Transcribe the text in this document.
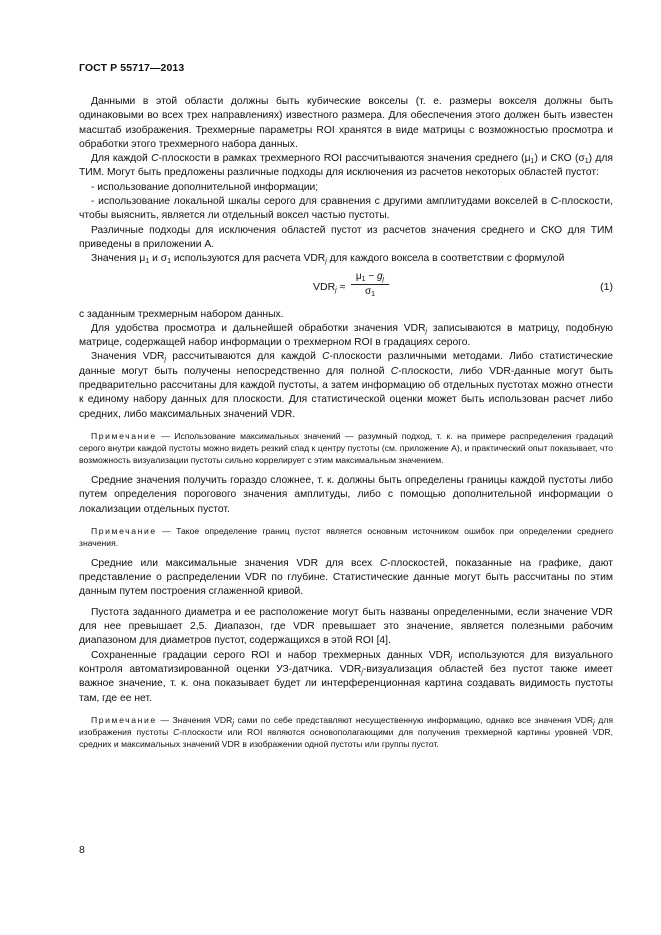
ГОСТ Р 55717—2013

Данными в этой области должны быть кубические вокселы (т. е. размеры вокселя должны быть одинаковыми во всех трех направлениях) известного размера. Для обеспечения этого должен быть известен масштаб изображения. Трехмерные параметры ROI хранятся в виде матрицы с возможностью просмотра и обработки этого трехмерного набора данных.

Для каждой C-плоскости в рамках трехмерного ROI рассчитываются значения среднего $(\mu_1)$ и СКО $(\sigma_1)$ для ТИМ. Могут быть предложены различные подходы для исключения из расчетов некоторых областей пустот:

- использование дополнительной информации;

- использование локальной шкалы серого для сравнения с другими амплитудами вокселей в С-плоскости, чтобы выяснить, является ли отдельный воксел частью пустоты.

Различные подходы для исключения областей пустот из расчетов значения среднего и СКО для ТИМ приведены в приложении А.

Значения $\mu_1$ и $\sigma_1$ используются для расчета $VDR_j$ для каждого воксела в соответствии с формулой

$VDR_j \approx \frac{\mu_1 - g_j}{\sigma_1}$	(1)

с заданным трехмерным набором данных.

Для удобства просмотра и дальнейшей обработки значения $VDR_j$ записываются в матрицу, подобную матрице, содержащей набор информации о трехмерном ROI в градациях серого.

Значения $VDR_j$ рассчитываются для каждой C-плоскости различными методами. Либо статистические данные могут быть получены непосредственно для полной C-плоскости, либо VDR-данные могут быть предварительно рассчитаны для каждой пустоты, а затем информацию об отдельных пустотах можно отнести к единому набору данных для плоскости. Для статистической оценки может быть использован расчет либо средних, либо максимальных значений VDR.

Примечание — Использование максимальных значений — разумный подход, т. к. на примере распределения градаций серого внутри каждой пустоты можно видеть резкий спад к центру пустоты (см. приложение А), и практический опыт показывает, что возможность визуализации пустоты сильно коррелирует с этим максимальным значением.

Средние значения получить гораздо сложнее, т. к. должны быть определены границы каждой пустоты либо путем определения порогового значения амплитуды, либо с помощью дополнительной информации о локализации отдельных пустот.

Примечание — Такое определение границ пустот является основным источником ошибок при определении среднего значения.

Средние или максимальные значения VDR для всех C-плоскостей, показанные на графике, дают представление о распределении VDR по глубине. Статистические данные могут быть рассчитаны по этим данным путем построения сглаженной кривой.

Пустота заданного диаметра и ее расположение могут быть названы определенными, если значение VDR для нее превышает 2,5. Диапазон, где VDR превышает это значение, является полезными рабочим диапазоном для диаметров пустот, содержащихся в этой ROI [4].

Сохраненные градации серого ROI и набор трехмерных данных $VDR_j$ используются для визуального контроля автоматизированной оценки УЗ-датчика. $VDR_j$-визуализация областей без пустот также имеет важное значение, т. к. она показывает будет ли интерференционная картина создавать видимость пустоты там, где ее нет.

Примечание — Значения $VDR_j$ сами по себе представляют несущественную информацию, однако все значения $VDR_j$ для изображения пустоты C-плоскости или ROI являются основополагающими для получения трехмерной картины уровней VDR, средних и максимальных значений VDR в изображении одной пустоты или группы пустот.

8
